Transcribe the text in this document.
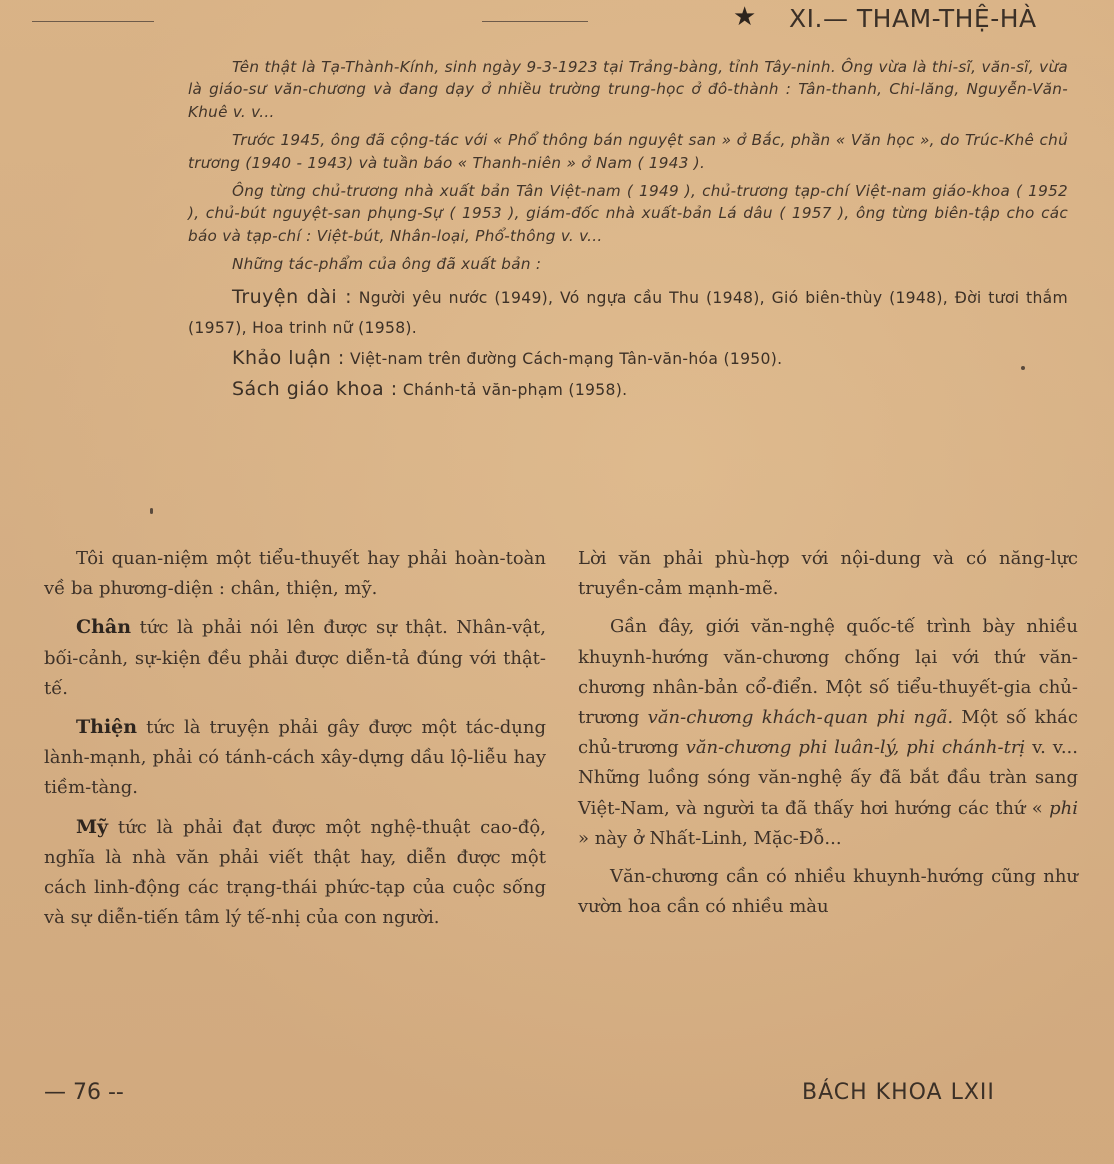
★ XI.— THAM-THỆ-HÀ

Tên thật là Tạ-Thành-Kính, sinh ngày 9-3-1923 tại Trảng-bàng, tỉnh Tây-ninh. Ông vừa là thi-sĩ, văn-sĩ, vừa là giáo-sư văn-chương và đang dạy ở nhiều trường trung-học ở đô-thành : Tân-thanh, Chi-lăng, Nguyễn-Văn-Khuê v. v...

Trước 1945, ông đã cộng-tác với « Phổ thông bán nguyệt san » ở Bắc, phần « Văn học », do Trúc-Khê chủ trương (1940 - 1943) và tuần báo « Thanh-niên » ở Nam ( 1943 ).

Ông từng chủ-trương nhà xuất bản Tân Việt-nam ( 1949 ), chủ-trương tạp-chí Việt-nam giáo-khoa ( 1952 ), chủ-bút nguyệt-san phụng-Sự ( 1953 ), giám-đốc nhà xuất-bản Lá dâu ( 1957 ), ông từng biên-tập cho các báo và tạp-chí : Việt-bút, Nhân-loại, Phổ-thông v. v...

Những tác-phẩm của ông đã xuất bản :

Truyện dài : Người yêu nước (1949), Vó ngựa cầu Thu (1948), Gió biên-thùy (1948), Đời tươi thắm (1957), Hoa trinh nữ (1958).

Khảo luận : Việt-nam trên đường Cách-mạng Tân-văn-hóa (1950).

Sách giáo khoa : Chánh-tả văn-phạm (1958).

Tôi quan-niệm một tiểu-thuyết hay phải hoàn-toàn về ba phương-diện : chân, thiện, mỹ.

Chân tức là phải nói lên được sự thật. Nhân-vật, bối-cảnh, sự-kiện đều phải được diễn-tả đúng với thật-tế.

Thiện tức là truyện phải gây được một tác-dụng lành-mạnh, phải có tánh-cách xây-dựng dầu lộ-liễu hay tiềm-tàng.

Mỹ tức là phải đạt được một nghệ-thuật cao-độ, nghĩa là nhà văn phải viết thật hay, diễn được một cách linh-động các trạng-thái phức-tạp của cuộc sống và sự diễn-tiến tâm lý tế-nhị của con người.

Lời văn phải phù-hợp với nội-dung và có năng-lực truyền-cảm mạnh-mẽ.

Gần đây, giới văn-nghệ quốc-tế trình bày nhiều khuynh-hướng văn-chương chống lại với thứ văn-chương nhân-bản cổ-điển. Một số tiểu-thuyết-gia chủ-trương văn-chương khách-quan phi ngã. Một số khác chủ-trương văn-chương phi luân-lý, phi chánh-trị v. v... Những luồng sóng văn-nghệ ấy đã bắt đầu tràn sang Việt-Nam, và người ta đã thấy hơi hướng các thứ « phi » này ở Nhất-Linh, Mặc-Đỗ...

Văn-chương cần có nhiều khuynh-hướng cũng như vườn hoa cần có nhiều màu

— 76 --	BÁCH KHOA LXII
